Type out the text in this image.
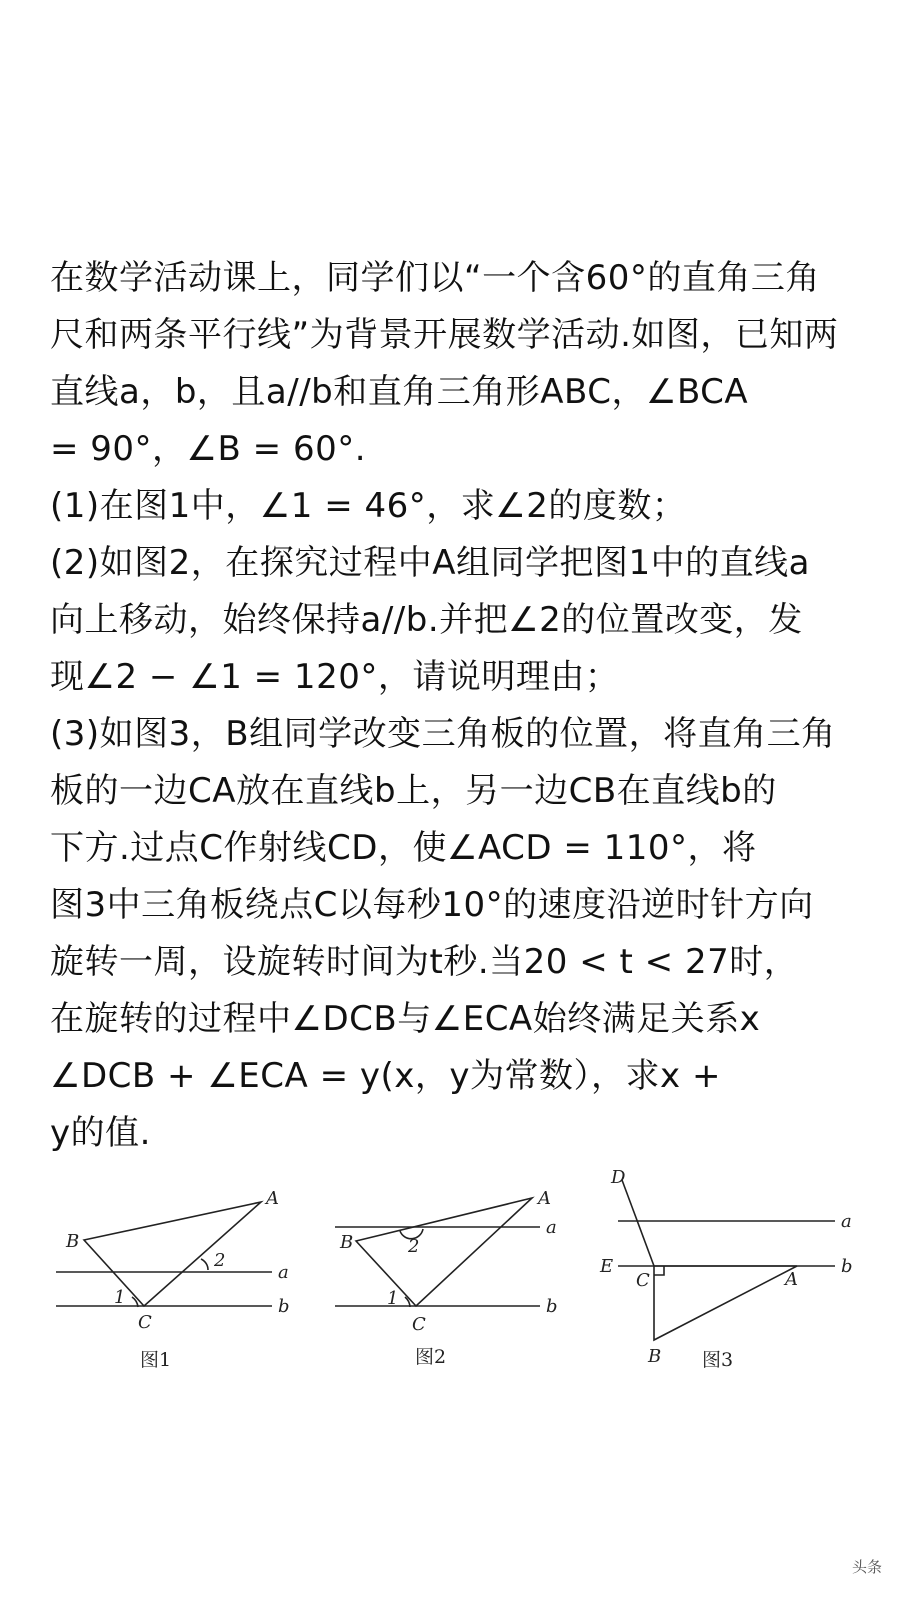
在数学活动课上，同学们以“一个含60°的直角三角

尺和两条平行线”为背景开展数学活动.如图，已知两

直线a，b，且a//b和直角三角形ABC，∠BCA

= 90°，∠B = 60°.

(1)在图1中，∠1 = 46°，求∠2的度数；

(2)如图2，在探究过程中A组同学把图1中的直线a

向上移动，始终保持a//b.并把∠2的位置改变，发

现∠2 − ∠1 = 120°，请说明理由；

(3)如图3，B组同学改变三角板的位置，将直角三角

板的一边CA放在直线b上，另一边CB在直线b的

下方.过点C作射线CD，使∠ACD = 110°，将

图3中三角板绕点C以每秒10°的速度沿逆时针方向

旋转一周，设旋转时间为t秒.当20 < t < 27时，

在旋转的过程中∠DCB与∠ECA始终满足关系x

∠DCB + ∠ECA = y(x，y为常数），求x +

y的值.

A
B
C
a
b
1
2
图1
A
B
C
a
b
1
2
图2
D
E
C	A
B
a
b
图3
头条
